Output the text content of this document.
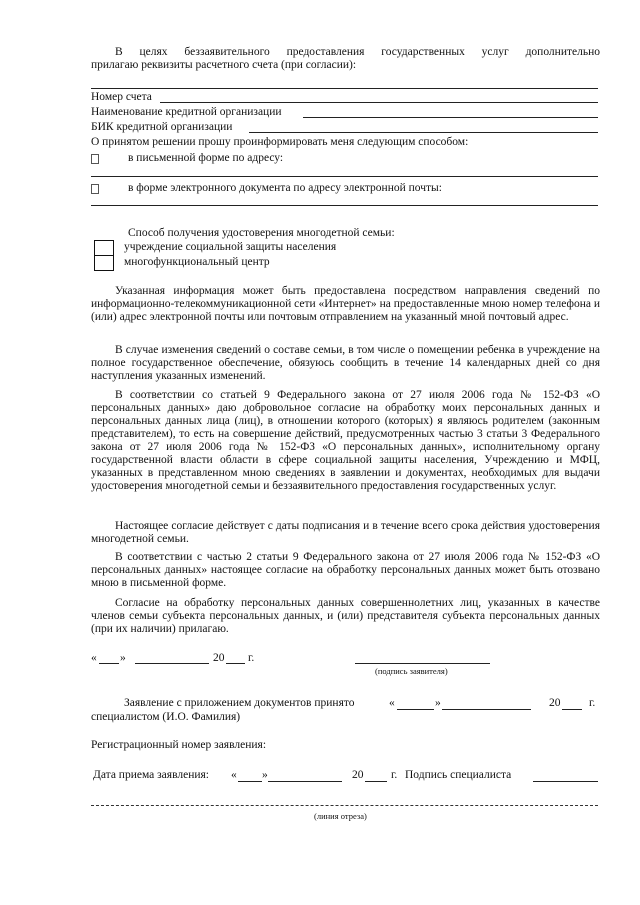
В целях беззаявительного предоставления государственных услуг дополнительно
прилагаю реквизиты расчетного счета (при согласии):
Номер счета
Наименование кредитной организации
БИК кредитной организации
О принятом решении прошу проинформировать меня следующим способом:
в письменной форме по адресу:
в форме электронного документа по адресу электронной почты:
Способ получения удостоверения многодетной семьи:
учреждение социальной защиты населения
многофункциональный центр
Указанная информация может быть предоставлена посредством направления сведений по информационно-телекоммуникационной сети «Интернет» на предоставленные мною номер телефона и (или) адрес электронной почты или почтовым отправлением на указанный мной почтовый адрес.
В случае изменения сведений о составе семьи, в том числе о помещении ребенка в учреждение на полное государственное обеспечение, обязуюсь сообщить в течение 14 календарных дней со дня наступления указанных изменений.
В соответствии со статьей 9 Федерального закона от 27 июля 2006 года № 152-ФЗ «О персональных данных» даю добровольное согласие на обработку моих персональных данных и персональных данных лица (лиц), в отношении которого (которых) я являюсь родителем (законным представителем), то есть на совершение действий, предусмотренных частью 3 статьи 3 Федерального закона от 27 июля 2006 года № 152-ФЗ «О персональных данных», исполнительному органу государственной власти области в сфере социальной защиты населения, Учреждению и МФЦ, указанных в представленном мною сведениях в заявлении и документах, необходимых для выдачи удостоверения многодетной семьи и беззаявительного предоставления государственных услуг.
Настоящее согласие действует с даты подписания и в течение всего срока действия удостоверения многодетной семьи.
В соответствии с частью 2 статьи 9 Федерального закона от 27 июля 2006 года № 152-ФЗ «О персональных данных» настоящее согласие на обработку персональных данных может быть отозвано мною в письменной форме.
Согласие на обработку персональных данных совершеннолетних лиц, указанных в качестве членов семьи субъекта персональных данных, и (или) представителя субъекта персональных данных (при их наличии) прилагаю.
« »	20 г.
(подпись заявителя)
Заявление с приложением документов принято	«	»	20 г.
специалистом (И.О. Фамилия)
Регистрационный номер заявления:
Дата приема заявления: « »	20 г. Подпись специалиста
(линия отреза)
